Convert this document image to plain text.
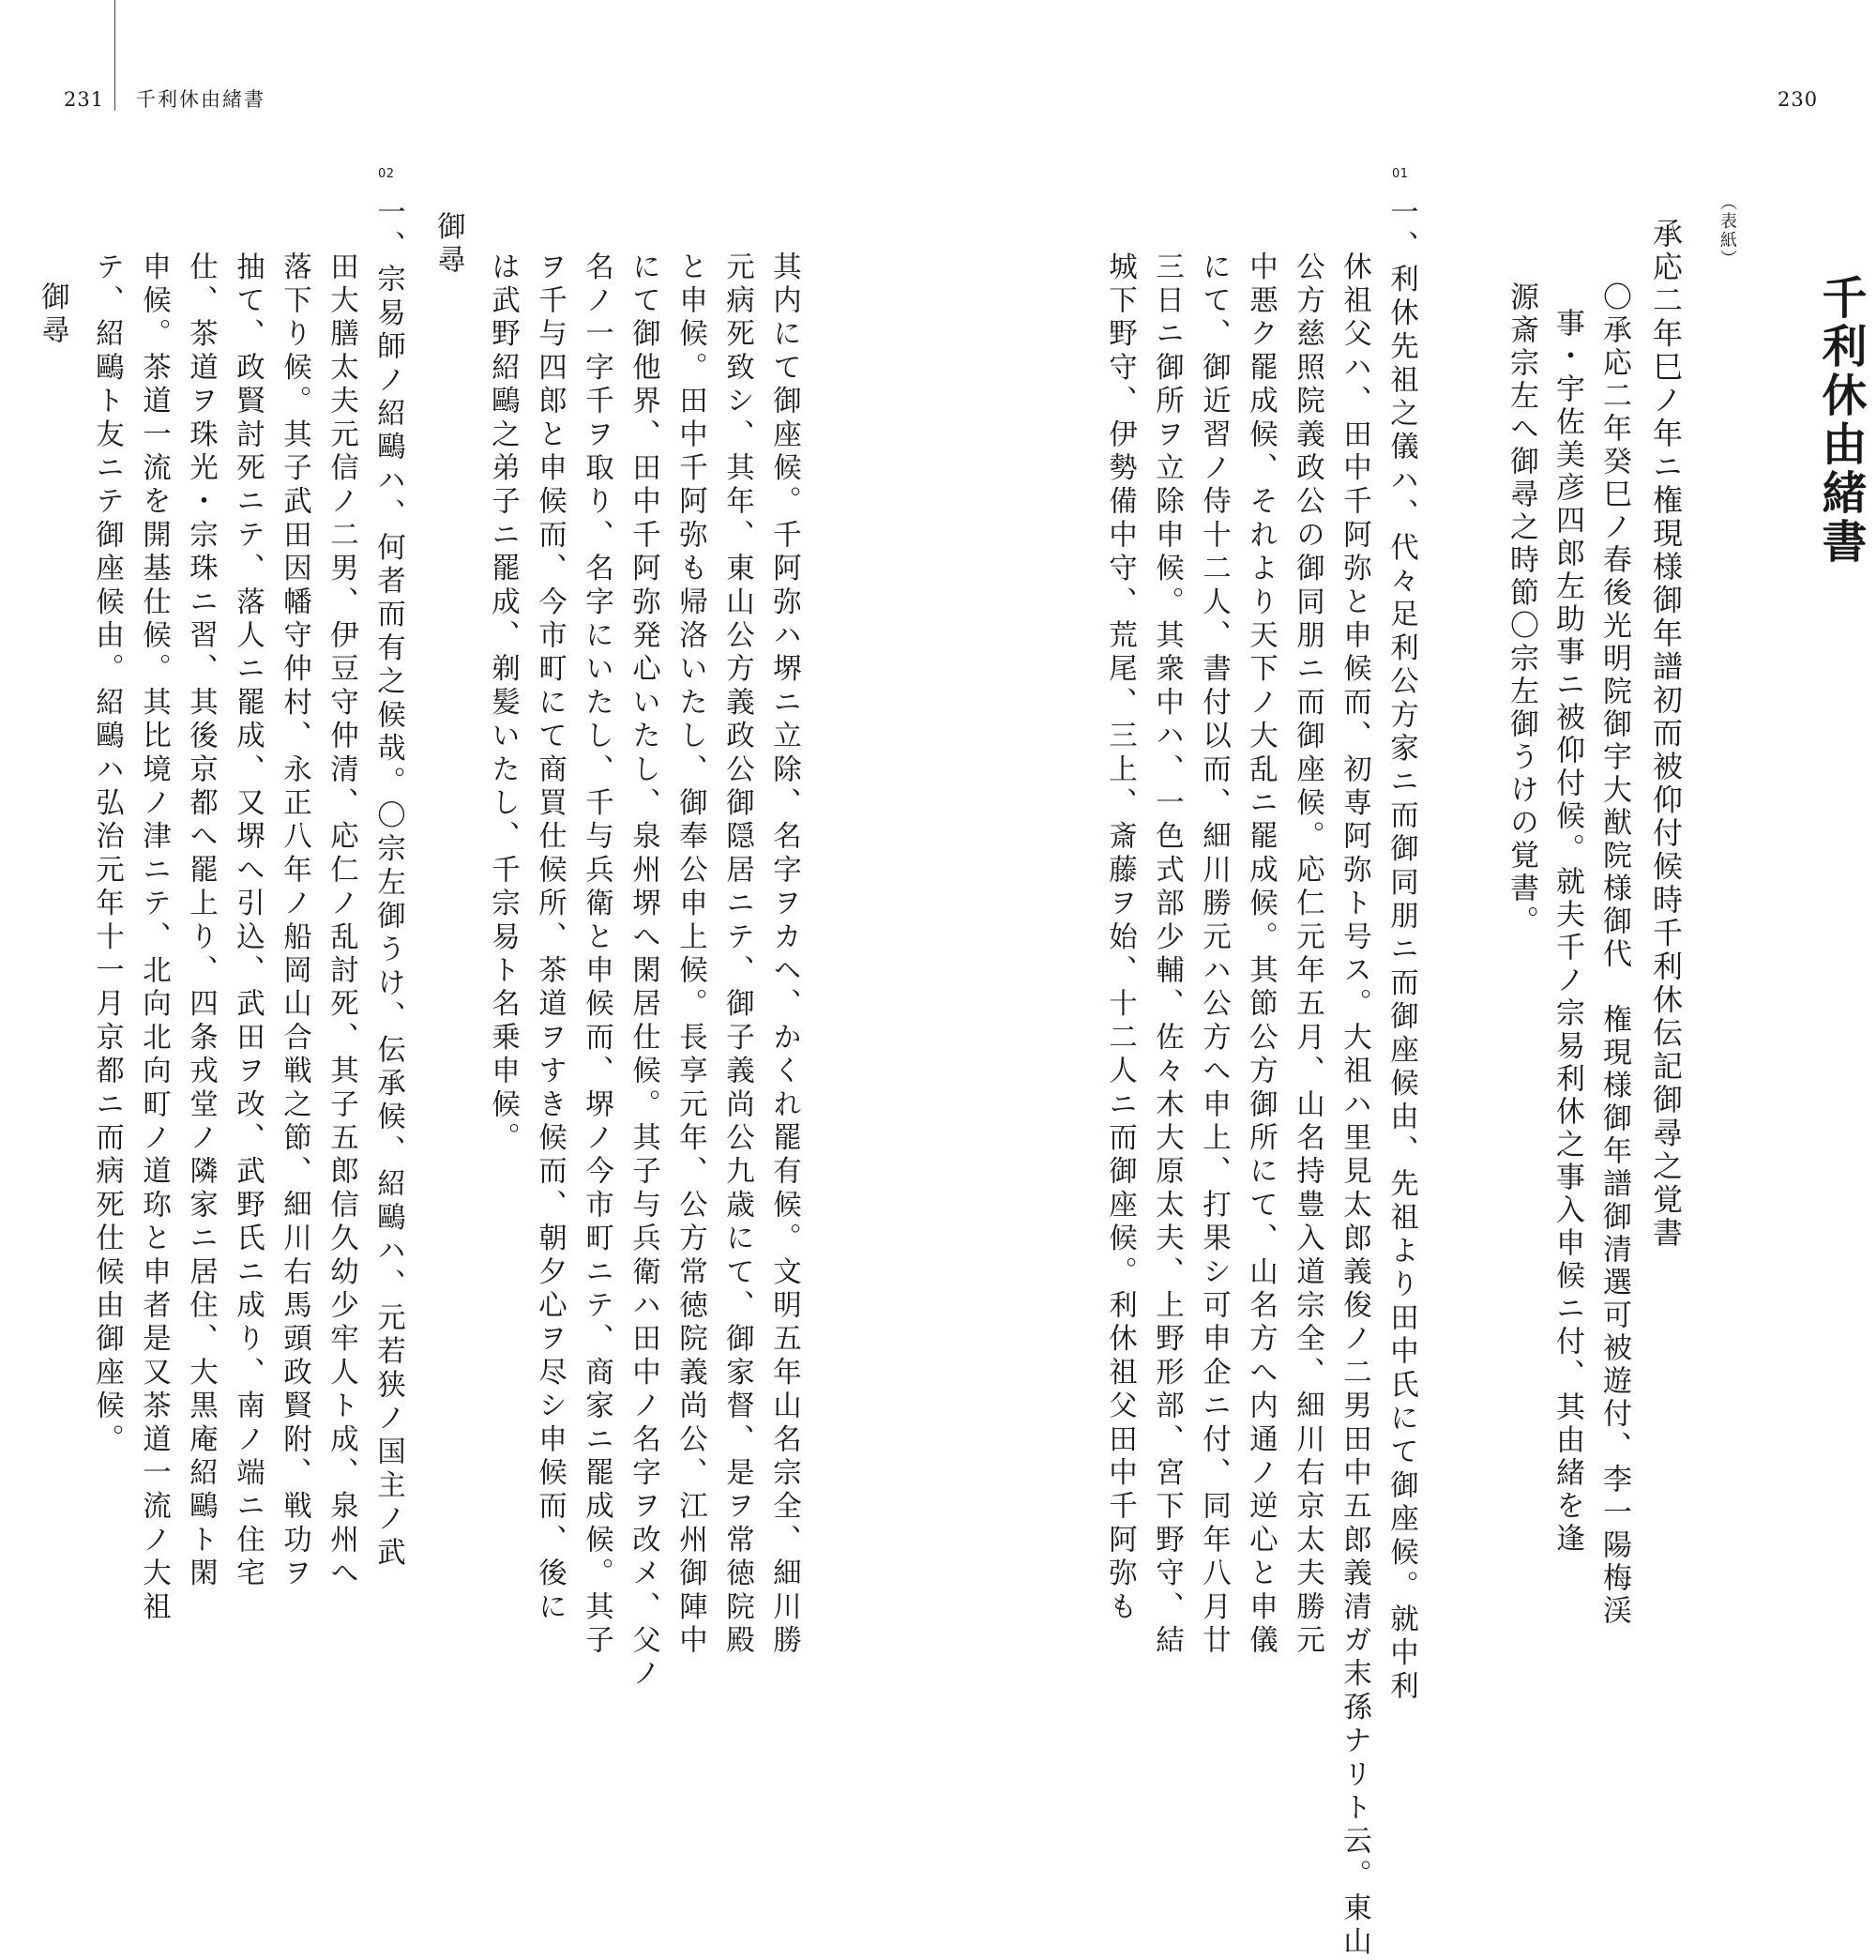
231 千利休由緒書	230
千利休由緒書
（表紙）
承応二年巳ノ年ニ権現様御年譜初而被仰付候時千利休伝記御尋之覚書
〇承応二年癸巳ノ春後光明院御宇大猷院様御代　権現様御年譜御清選可被遊付、李一陽梅渓
事・宇佐美彦四郎左助事ニ被仰付候。就夫千ノ宗易利休之事入申候ニ付、其由緒を逢
源斎宗左へ御尋之時節〇宗左御うけの覚書。
01
一、利休先祖之儀ハ、代々足利公方家ニ而御同朋ニ而御座候由、先祖より田中氏にて御座候。就中利
休祖父ハ、田中千阿弥と申候而、初専阿弥ト号ス。大祖ハ里見太郎義俊ノ二男田中五郎義清ガ末孫ナリト云。東山
公方慈照院義政公の御同朋ニ而御座候。応仁元年五月、山名持豊入道宗全、細川右京太夫勝元
中悪ク罷成候、それより天下ノ大乱ニ罷成候。其節公方御所にて、山名方へ内通ノ逆心と申儀
にて、御近習ノ侍十二人、書付以而、細川勝元ハ公方へ申上、打果シ可申企ニ付、同年八月廿
三日ニ御所ヲ立除申候。其衆中ハ、一色式部少輔、佐々木大原太夫、上野形部、宮下野守、結
城下野守、伊勢備中守、荒尾、三上、斎藤ヲ始、十二人ニ而御座候。利休祖父田中千阿弥も
其内にて御座候。千阿弥ハ堺ニ立除、名字ヲカヘ、かくれ罷有候。文明五年山名宗全、細川勝
元病死致シ、其年、東山公方義政公御隠居ニテ、御子義尚公九歳にて、御家督、是ヲ常徳院殿
と申候。田中千阿弥も帰洛いたし、御奉公申上候。長享元年、公方常徳院義尚公、江州御陣中
にて御他界、田中千阿弥発心いたし、泉州堺へ閑居仕候。其子与兵衛ハ田中ノ名字ヲ改メ、父ノ
名ノ一字千ヲ取り、名字にいたし、千与兵衛と申候而、堺ノ今市町ニテ、商家ニ罷成候。其子
ヲ千与四郎と申候而、今市町にて商買仕候所、茶道ヲすき候而、朝夕心ヲ尽シ申候而、後に
は武野紹鷗之弟子ニ罷成、剃髪いたし、千宗易ト名乗申候。
御尋
02
一、宗易師ノ紹鷗ハ、何者而有之候哉。〇宗左御うけ、伝承候、紹鷗ハ、元若狭ノ国主ノ武
田大膳太夫元信ノ二男、伊豆守仲清、応仁ノ乱討死、其子五郎信久幼少牢人ト成、泉州へ
落下り候。其子武田因幡守仲村、永正八年ノ船岡山合戦之節、細川右馬頭政賢附、戦功ヲ
抽て、政賢討死ニテ、落人ニ罷成、又堺へ引込、武田ヲ改、武野氏ニ成り、南ノ端ニ住宅
仕、茶道ヲ珠光・宗珠ニ習、其後京都へ罷上り、四条戎堂ノ隣家ニ居住、大黒庵紹鷗ト閑
申候。茶道一流を開基仕候。其比境ノ津ニテ、北向北向町ノ道珎と申者是又茶道一流ノ大祖
テ、紹鷗ト友ニテ御座候由。紹鷗ハ弘治元年十一月京都ニ而病死仕候由御座候。
御尋
